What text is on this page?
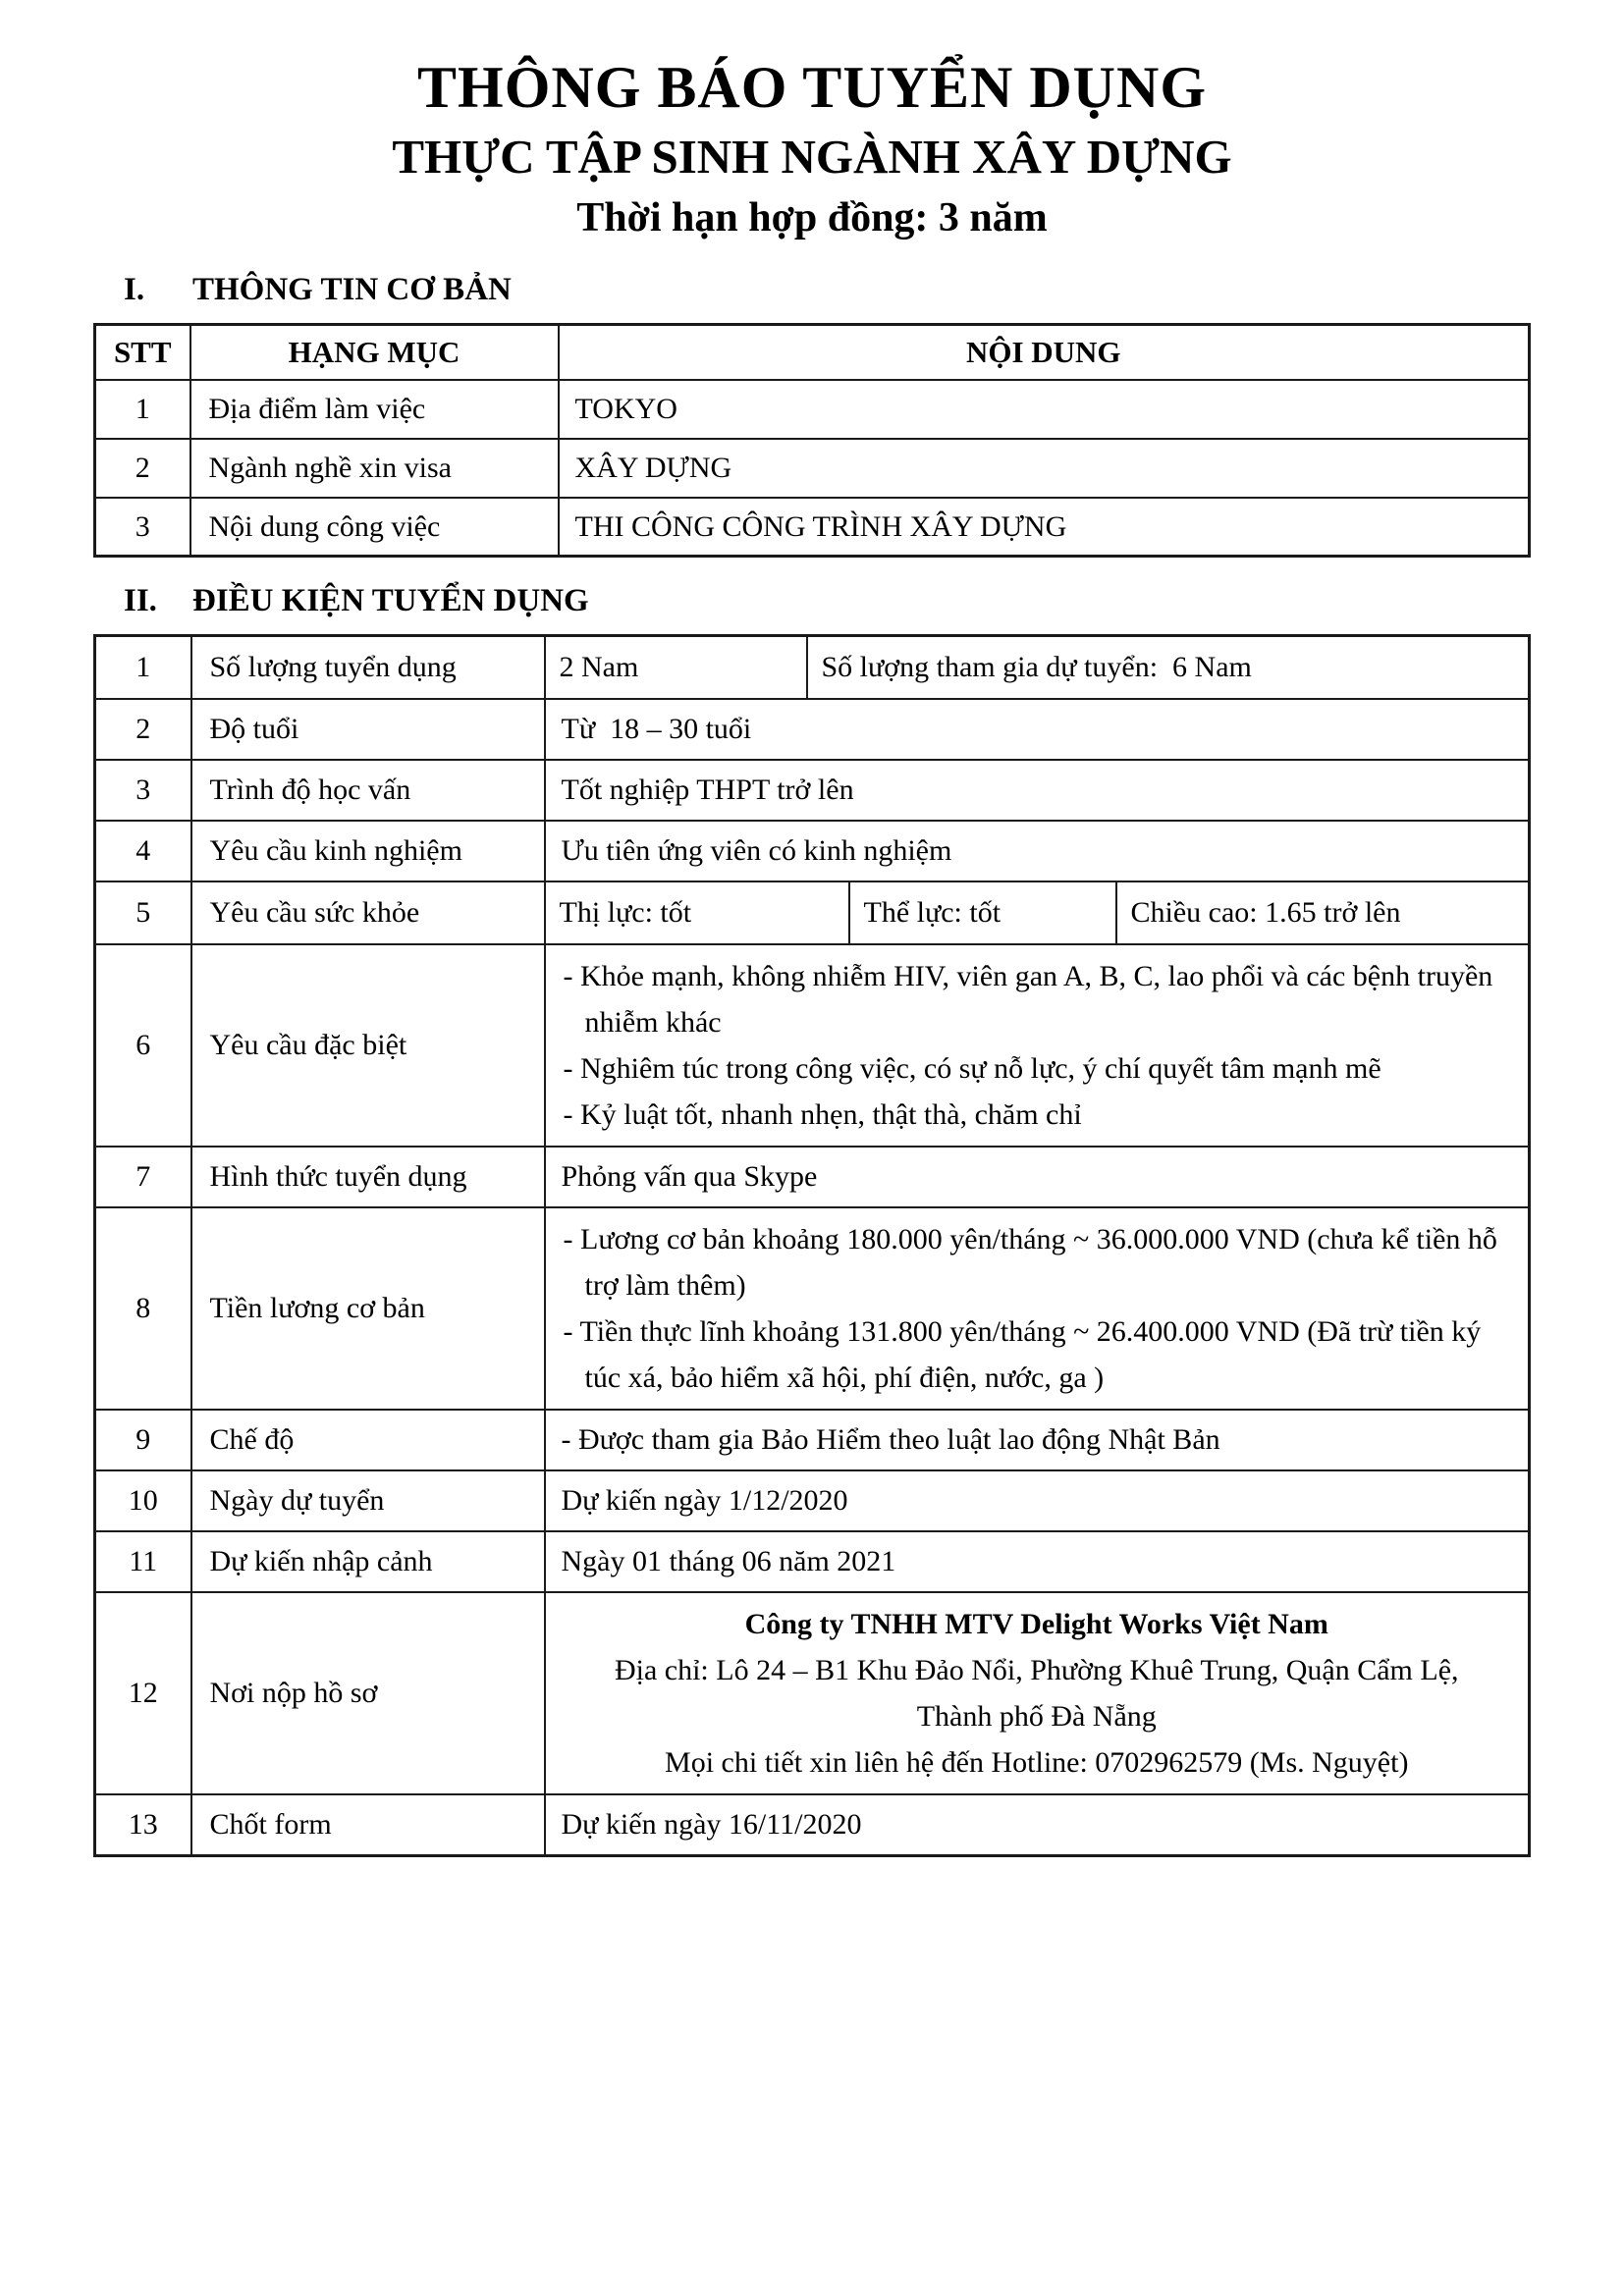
THÔNG BÁO TUYỂN DỤNG
THỰC TẬP SINH NGÀNH XÂY DỰNG
Thời hạn hợp đồng: 3 năm
I. THÔNG TIN CƠ BẢN
STT	HẠNG MỤC	NỘI DUNG
1	Địa điểm làm việc	TOKYO
2	Ngành nghề xin visa	XÂY DỰNG
3	Nội dung công việc	THI CÔNG CÔNG TRÌNH XÂY DỰNG
II. ĐIỀU KIỆN TUYỂN DỤNG
1	Số lượng tuyển dụng	2 Nam Số lượng tham gia dự tuyển:  6 Nam

2	Độ tuổi	Từ  18 – 30 tuổi
3	Trình độ học vấn	Tốt nghiệp THPT trở lên
4	Yêu cầu kinh nghiệm	Ưu tiên ứng viên có kinh nghiệm
5	Yêu cầu sức khỏe	Thị lực: tốt Thể lực: tốt Chiều cao: 1.65 trở lên

6	Yêu cầu đặc biệt	- Khỏe mạnh, không nhiễm HIV, viên gan A, B, C, lao phổi và các bệnh truyền nhiễm khác
- Nghiêm túc trong công việc, có sự nỗ lực, ý chí quyết tâm mạnh mẽ
- Kỷ luật tốt, nhanh nhẹn, thật thà, chăm chỉ

7	Hình thức tuyển dụng	Phỏng vấn qua Skype
8	Tiền lương cơ bản	- Lương cơ bản khoảng 180.000 yên/tháng ~ 36.000.000 VND (chưa kể tiền hỗ trợ làm thêm)
- Tiền thực lĩnh khoảng 131.800 yên/tháng ~ 26.400.000 VND (Đã trừ tiền ký túc xá, bảo hiểm xã hội, phí điện, nước, ga )

9	Chế độ	- Được tham gia Bảo Hiểm theo luật lao động Nhật Bản
10	Ngày dự tuyển	Dự kiến ngày 1/12/2020
11	Dự kiến nhập cảnh	Ngày 01 tháng 06 năm 2021
12	Nơi nộp hồ sơ	Công ty TNHH MTV Delight Works Việt Nam
Địa chỉ: Lô 24 – B1 Khu Đảo Nổi, Phường Khuê Trung, Quận Cẩm Lệ,
Thành phố Đà Nẵng
Mọi chi tiết xin liên hệ đến Hotline: 0702962579 (Ms. Nguyệt)

13	Chốt form	Dự kiến ngày 16/11/2020
